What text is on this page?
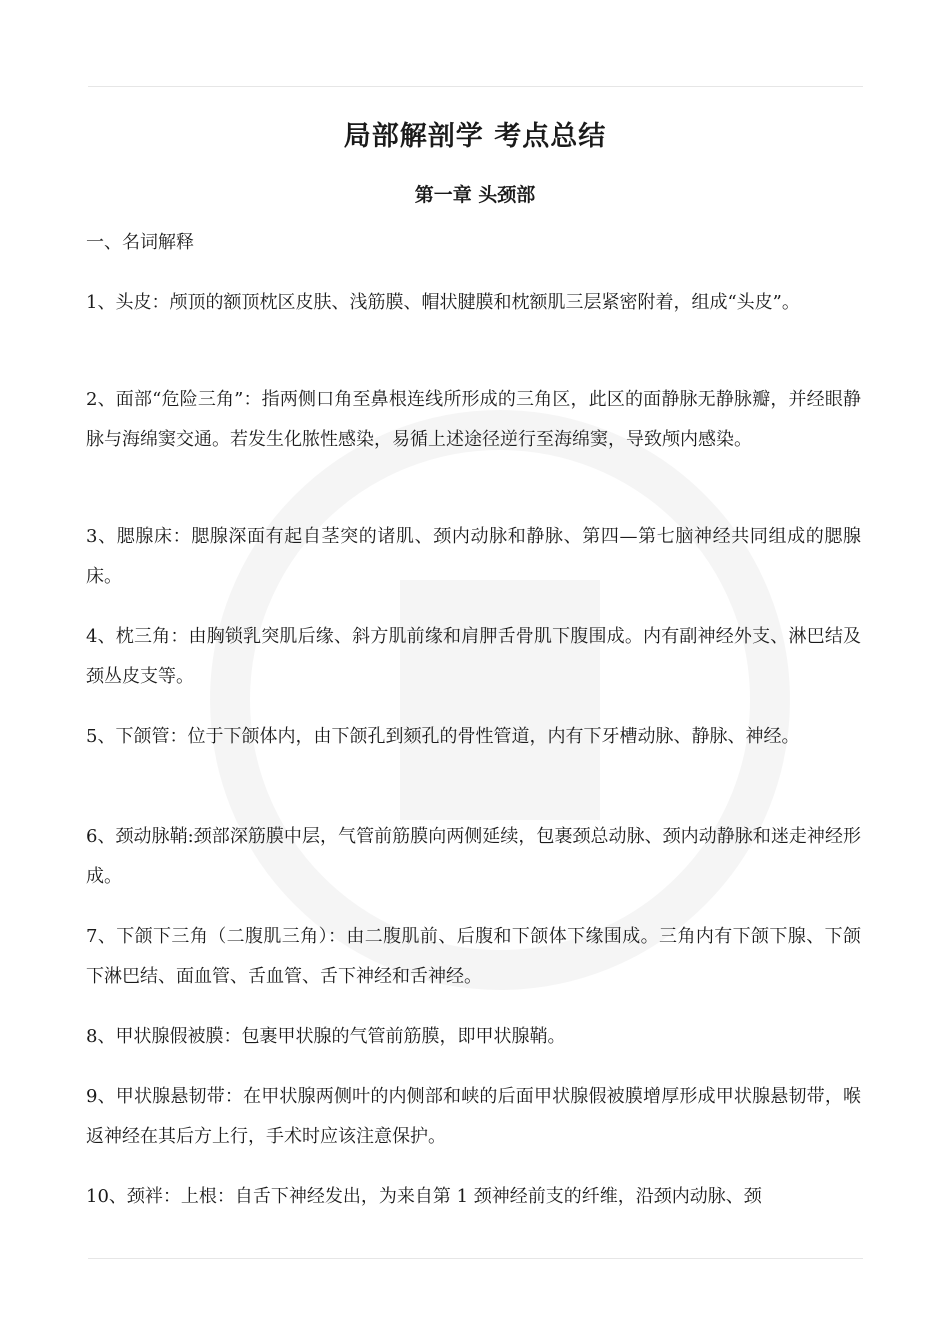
局部解剖学 考点总结
第一章 头颈部

一、名词解释

1、头皮：颅顶的额顶枕区皮肤、浅筋膜、帽状腱膜和枕额肌三层紧密附着，组成“头皮”。

2、面部“危险三角”：指两侧口角至鼻根连线所形成的三角区，此区的面静脉无静脉瓣，并经眼静脉与海绵窦交通。若发生化脓性感染，易循上述途径逆行至海绵窦，导致颅内感染。

3、腮腺床：腮腺深面有起自茎突的诸肌、颈内动脉和静脉、第四—第七脑神经共同组成的腮腺床。

4、枕三角：由胸锁乳突肌后缘、斜方肌前缘和肩胛舌骨肌下腹围成。内有副神经外支、淋巴结及颈丛皮支等。

5、下颌管：位于下颌体内，由下颌孔到颏孔的骨性管道，内有下牙槽动脉、静脉、神经。

6、颈动脉鞘:颈部深筋膜中层，气管前筋膜向两侧延续，包裹颈总动脉、颈内动静脉和迷走神经形成。

7、下颌下三角（二腹肌三角）：由二腹肌前、后腹和下颌体下缘围成。三角内有下颌下腺、下颌下淋巴结、面血管、舌血管、舌下神经和舌神经。

8、甲状腺假被膜：包裹甲状腺的气管前筋膜，即甲状腺鞘。

9、甲状腺悬韧带：在甲状腺两侧叶的内侧部和峡的后面甲状腺假被膜增厚形成甲状腺悬韧带，喉返神经在其后方上行，手术时应该注意保护。

10、颈袢：上根：自舌下神经发出，为来自第 1 颈神经前支的纤维，沿颈内动脉、颈
